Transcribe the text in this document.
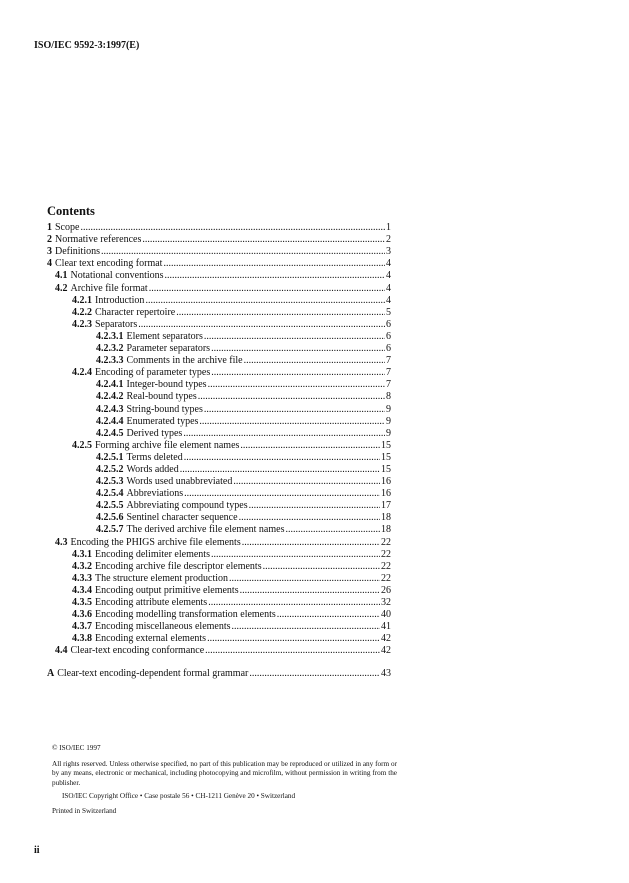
ISO/IEC 9592-3:1997(E)
Contents
1 Scope .....	1
2 Normative references .....	2
3 Definitions .....	3
4 Clear text encoding format .....	4
4.1 Notational conventions .....	4
4.2 Archive file format .....	4
4.2.1 Introduction .....	4
4.2.2 Character repertoire .....	5
4.2.3 Separators .....	6
4.2.3.1 Element separators .....	6
4.2.3.2 Parameter separators .....	6
4.2.3.3 Comments in the archive file .....	7
4.2.4 Encoding of parameter types .....	7
4.2.4.1 Integer-bound types .....	7
4.2.4.2 Real-bound types .....	8
4.2.4.3 String-bound types .....	9
4.2.4.4 Enumerated types .....	9
4.2.4.5 Derived types .....	9
4.2.5 Forming archive file element names .....	15
4.2.5.1 Terms deleted .....	15
4.2.5.2 Words added .....	15
4.2.5.3 Words used unabbreviated .....	16
4.2.5.4 Abbreviations .....	16
4.2.5.5 Abbreviating compound types .....	17
4.2.5.6 Sentinel character sequence .....	18
4.2.5.7 The derived archive file element names .....	18
4.3 Encoding the PHIGS archive file elements .....	22
4.3.1 Encoding delimiter elements .....	22
4.3.2 Encoding archive file descriptor elements .....	22
4.3.3 The structure element production .....	22
4.3.4 Encoding output primitive elements .....	26
4.3.5 Encoding attribute elements .....	32
4.3.6 Encoding modelling transformation elements .....	40
4.3.7 Encoding miscellaneous elements .....	41
4.3.8 Encoding external elements .....	42
4.4 Clear-text encoding conformance .....	42
A Clear-text encoding-dependent formal grammar .....	43

© ISO/IEC 1997

All rights reserved. Unless otherwise specified, no part of this publication may be reproduced or utilized in any form or by any means, electronic or mechanical, including photocopying and microfilm, without permission in writing from the publisher.

ISO/IEC Copyright Office • Case postale 56 • CH-1211 Genève 20 • Switzerland

Printed in Switzerland

ii
